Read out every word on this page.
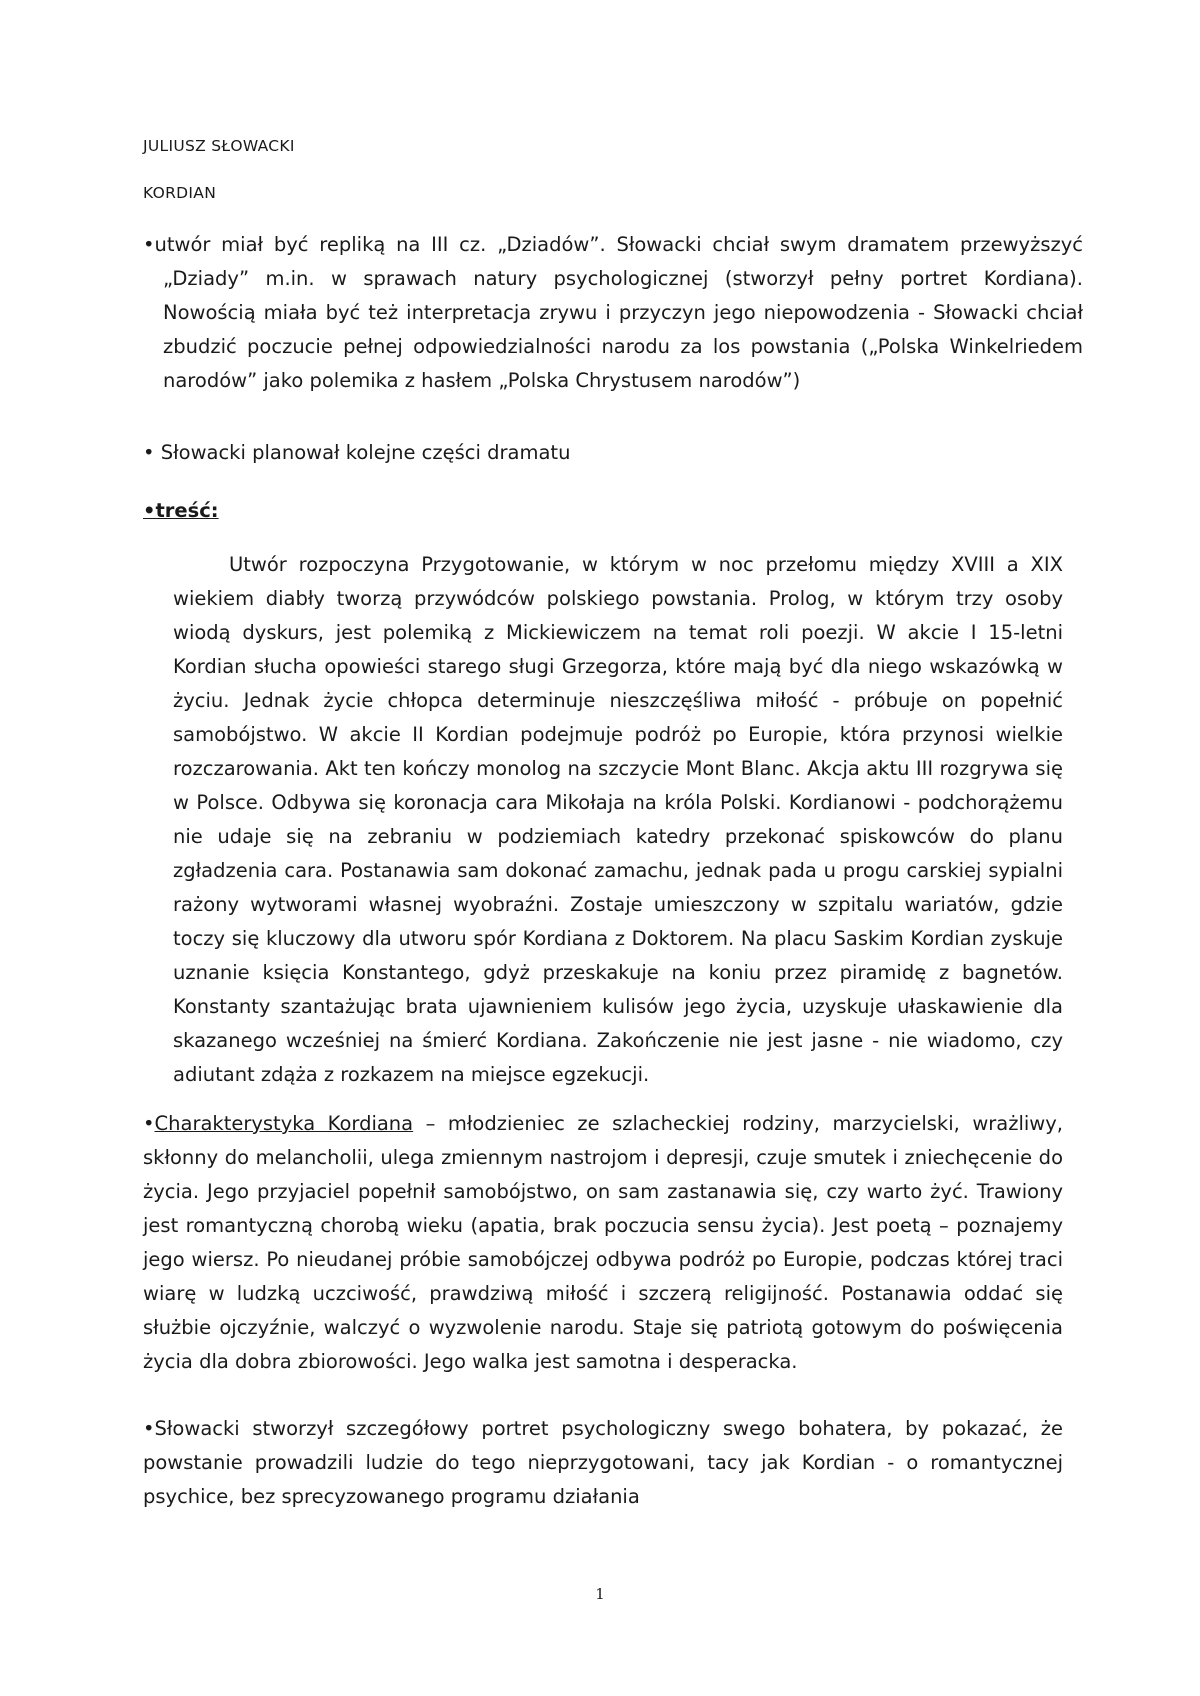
JULIUSZ SŁOWACKI
KORDIAN
•utwór miał być repliką na III cz. „Dziadów”. Słowacki chciał swym dramatem przewyższyć „Dziady” m.in. w sprawach natury psychologicznej (stworzył pełny portret Kordiana). Nowością miała być też interpretacja zrywu i przyczyn jego niepowodzenia - Słowacki chciał zbudzić poczucie pełnej odpowiedzialności narodu za los powstania („Polska Winkelriedem narodów” jako polemika z hasłem „Polska Chrystusem narodów”)
• Słowacki planował kolejne części dramatu
•treść:
Utwór rozpoczyna Przygotowanie, w którym w noc przełomu między XVIII a XIX wiekiem diabły tworzą przywódców polskiego powstania. Prolog, w którym trzy osoby wiodą dyskurs, jest polemiką z Mickiewiczem na temat roli poezji. W akcie I 15-letni Kordian słucha opowieści starego sługi Grzegorza, które mają być dla niego wskazówką w życiu. Jednak życie chłopca determinuje nieszczęśliwa miłość - próbuje on popełnić samobójstwo. W akcie II Kordian podejmuje podróż po Europie, która przynosi wielkie rozczarowania. Akt ten kończy monolog na szczycie Mont Blanc. Akcja aktu III rozgrywa się w Polsce. Odbywa się koronacja cara Mikołaja na króla Polski. Kordianowi - podchorążemu nie udaje się na zebraniu w podziemiach katedry przekonać spiskowców do planu zgładzenia cara. Postanawia sam dokonać zamachu, jednak pada u progu carskiej sypialni rażony wytworami własnej wyobraźni. Zostaje umieszczony w szpitalu wariatów, gdzie toczy się kluczowy dla utworu spór Kordiana z Doktorem. Na placu Saskim Kordian zyskuje uznanie księcia Konstantego, gdyż przeskakuje na koniu przez piramidę z bagnetów. Konstanty szantażując brata ujawnieniem kulisów jego życia, uzyskuje ułaskawienie dla skazanego wcześniej na śmierć Kordiana. Zakończenie nie jest jasne - nie wiadomo, czy adiutant zdąża z rozkazem na miejsce egzekucji.
•Charakterystyka Kordiana – młodzieniec ze szlacheckiej rodziny, marzycielski, wrażliwy, skłonny do melancholii, ulega zmiennym nastrojom i depresji, czuje smutek i zniechęcenie do życia. Jego przyjaciel popełnił samobójstwo, on sam zastanawia się, czy warto żyć. Trawiony jest romantyczną chorobą wieku (apatia, brak poczucia sensu życia). Jest poetą – poznajemy jego wiersz. Po nieudanej próbie samobójczej odbywa podróż po Europie, podczas której traci wiarę w ludzką uczciwość, prawdziwą miłość i szczerą religijność. Postanawia oddać się służbie ojczyźnie, walczyć o wyzwolenie narodu. Staje się patriotą gotowym do poświęcenia życia dla dobra zbiorowości. Jego walka jest samotna i desperacka.
•Słowacki stworzył szczegółowy portret psychologiczny swego bohatera, by pokazać, że powstanie prowadzili ludzie do tego nieprzygotowani, tacy jak Kordian - o romantycznej psychice, bez sprecyzowanego programu działania
1
